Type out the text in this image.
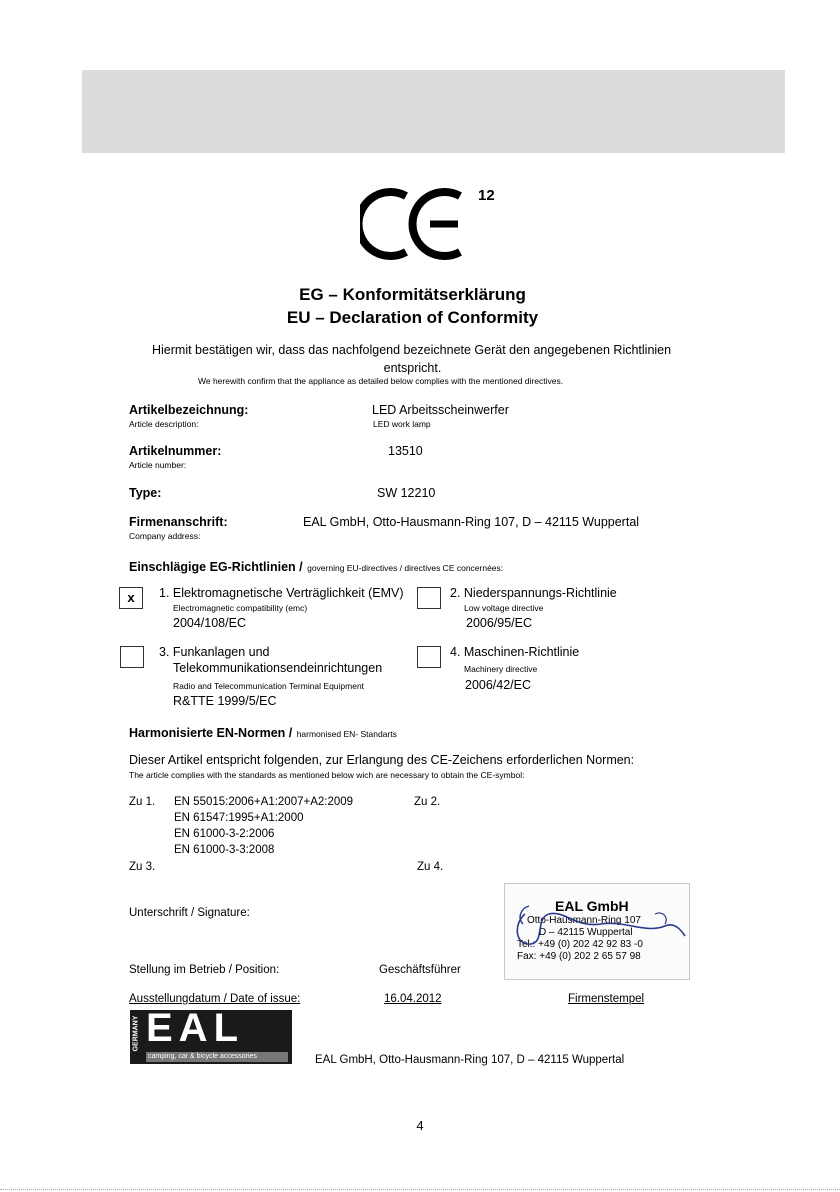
12
EG – Konformitätserklärung
EU – Declaration of Conformity
Hiermit bestätigen wir, dass das nachfolgend bezeichnete Gerät den angegebenen Richtlinien
entspricht.
We herewith confirm that the appliance as detailed below complies with the mentioned directives.
Artikelbezeichnung:
Article description:
LED Arbeitsscheinwerfer
LED work lamp
Artikelnummer:
Article number:
13510
Type:	SW 12210
Firmenanschrift:
Company address:
EAL GmbH, Otto-Hausmann-Ring 107, D – 42115 Wuppertal
Einschlägige EG-Richtlinien / governing EU-directives / directives CE concernées:
x	1. Elektromagnetische Verträglichkeit (EMV)
Electromagnetic compatibility (emc)
2004/108/EC
2. Niederspannungs-Richtlinie
Low voltage directive
2006/95/EC
3. Funkanlagen und
Telekommunikationsendeinrichtungen
Radio and Telecommunication Terminal Equipment
R&TTE 1999/5/EC
4. Maschinen-Richtlinie
Machinery directive
2006/42/EC
Harmonisierte EN-Normen / harmonised EN- Standarts
Dieser Artikel entspricht folgenden, zur Erlangung des CE-Zeichens erforderlichen Normen:
The article complies with the standards as mentioned below wich are necessary to obtain the CE-symbol:
Zu 1. EN 55015:2006+A1:2007+A2:2009	Zu 2.
EN 61547:1995+A1:2000
EN 61000-3-2:2006
EN 61000-3-3:2008
Zu 3.	Zu 4.
Unterschrift / Signature:
Stellung im Betrieb / Position:	Geschäftsführer
Ausstellungdatum / Date of issue:	16.04.2012	Firmenstempel
EAL GmbH
Otto-Hausmann-Ring 107
D – 42115 Wuppertal
Tel.: +49 (0) 202 42 92 83 -0
Fax: +49 (0) 202 2 65 57 98
GERMANY EAL
camping, car & bicycle accessories	EAL GmbH, Otto-Hausmann-Ring 107, D – 42115 Wuppertal
4
